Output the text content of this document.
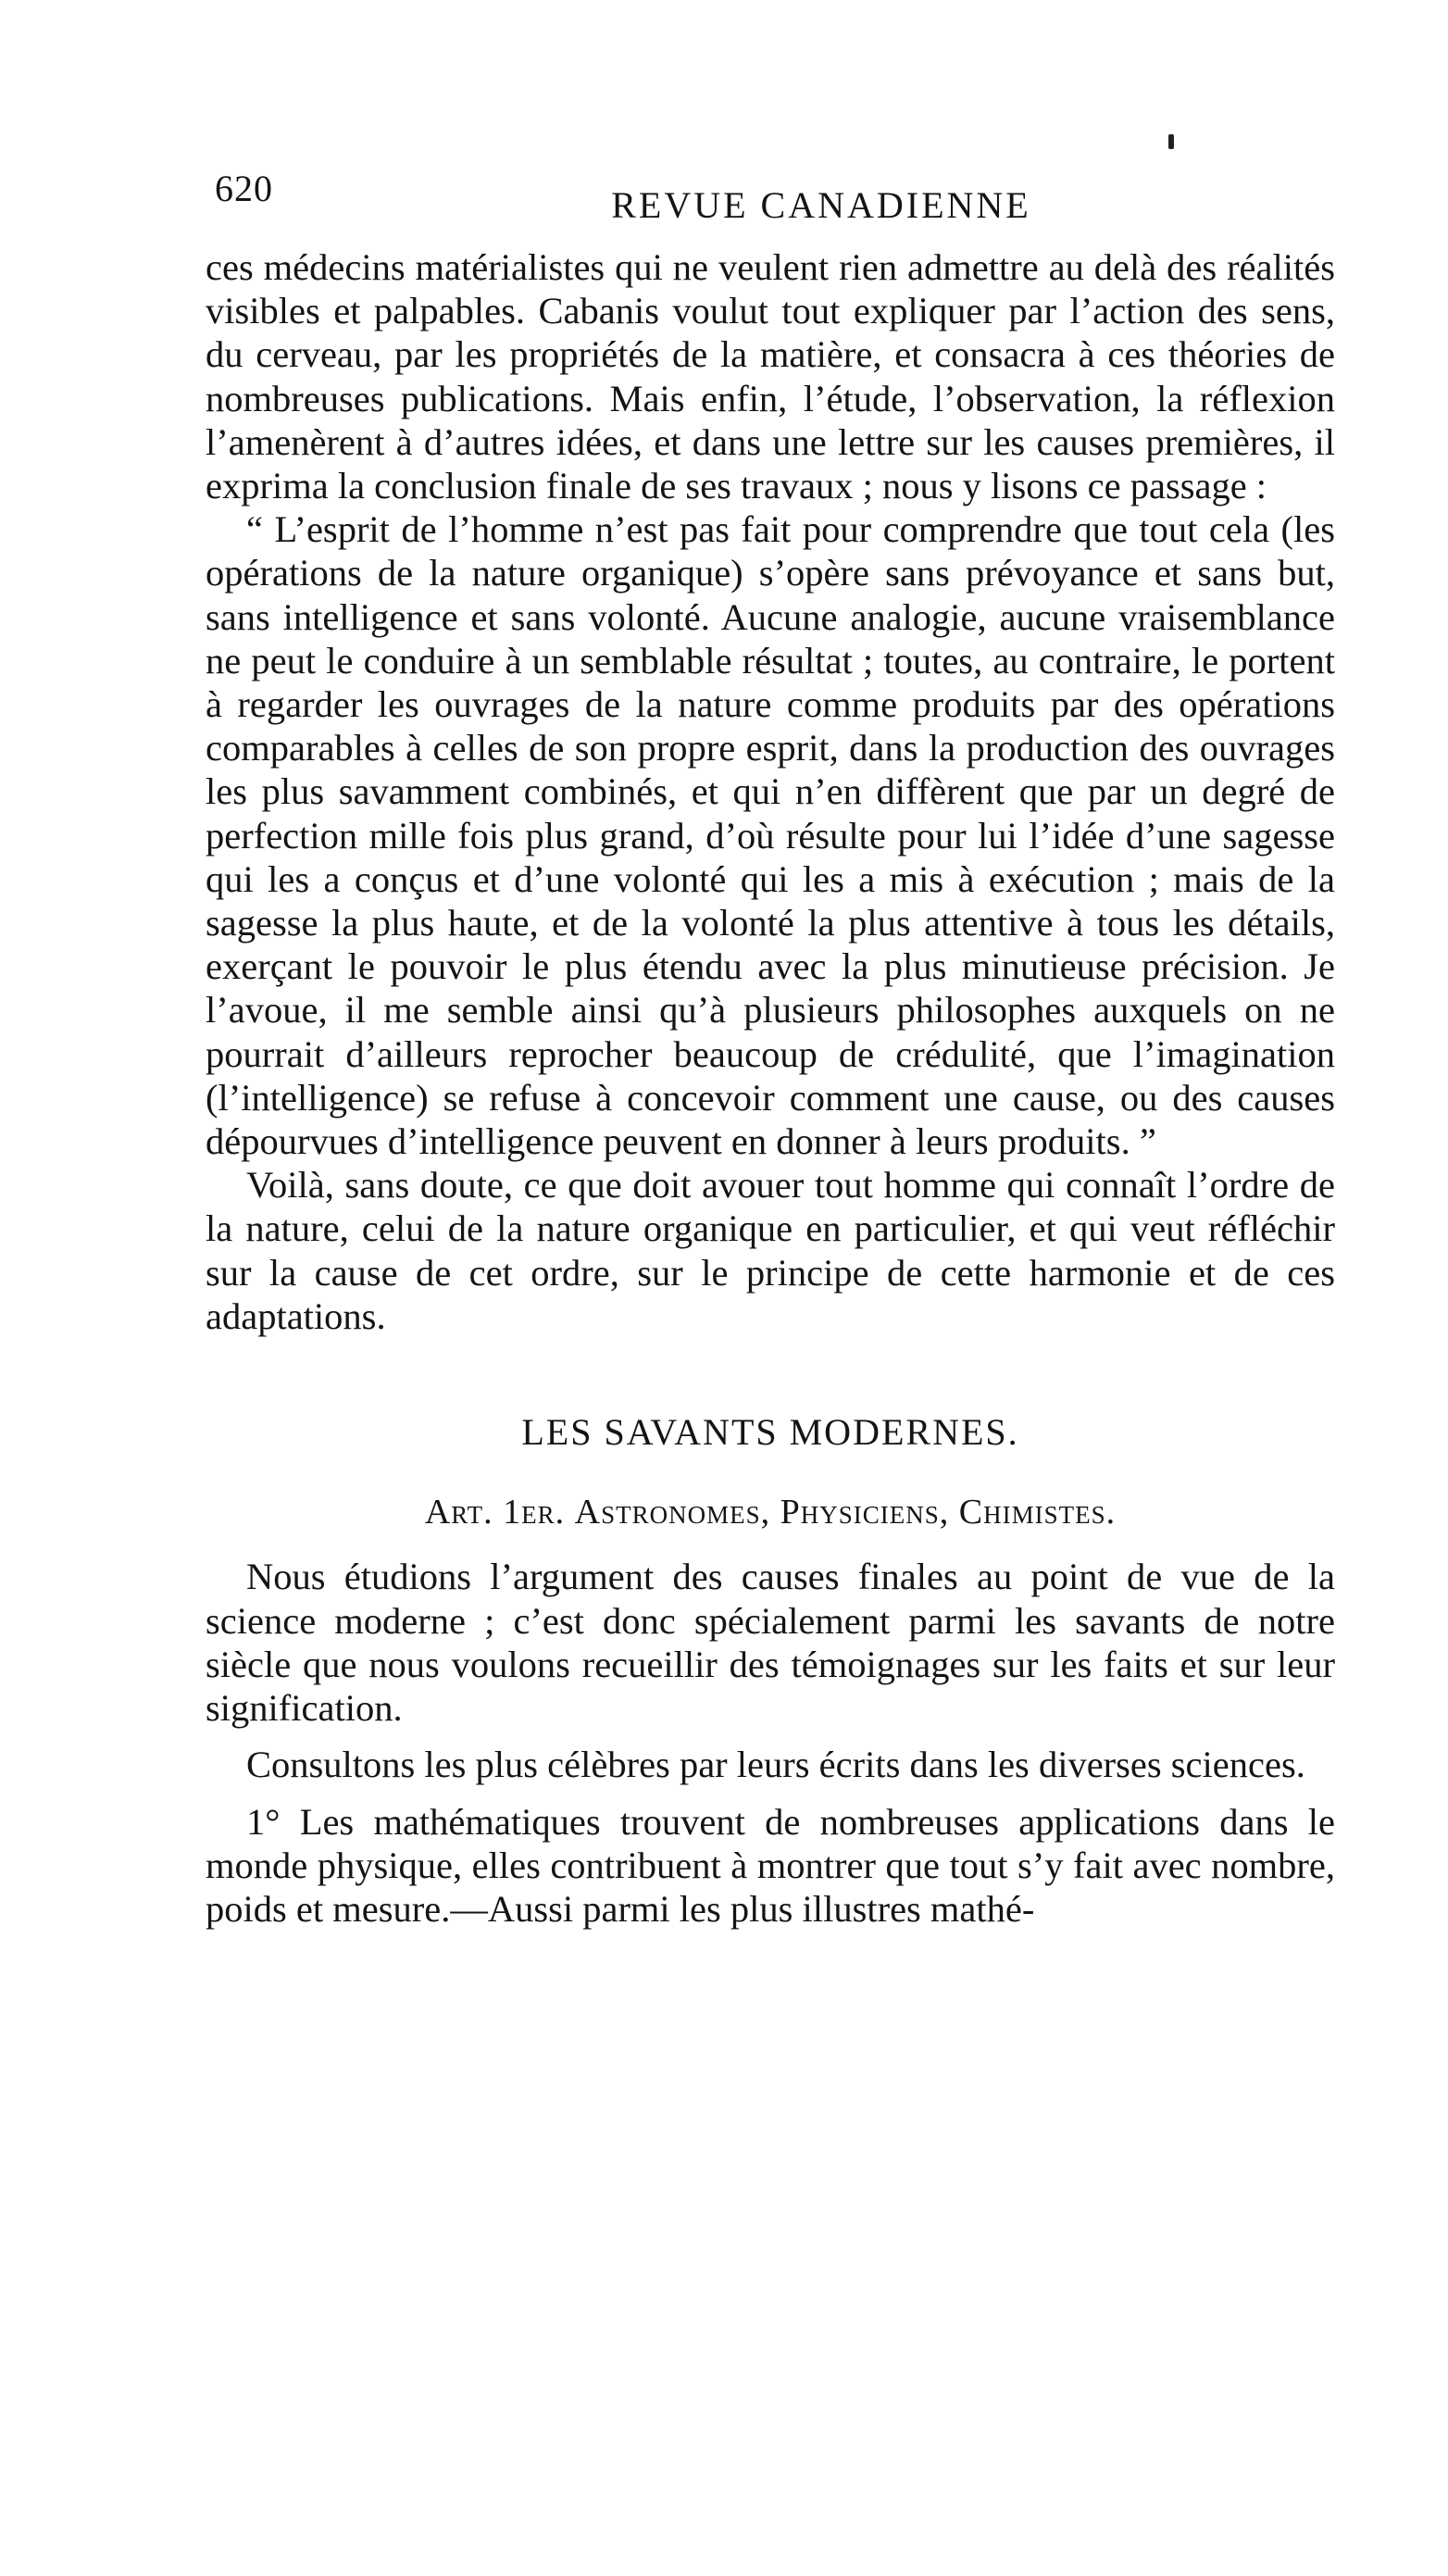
620	REVUE CANADIENNE

ces médecins matérialistes qui ne veulent rien admettre au delà des réalités visibles et palpables. Cabanis voulut tout expliquer par l’action des sens, du cerveau, par les propriétés de la matière, et consacra à ces théories de nombreuses publications. Mais enfin, l’étude, l’observation, la réflexion l’amenèrent à d’autres idées, et dans une lettre sur les causes premières, il exprima la conclusion finale de ses travaux ; nous y lisons ce passage :

“ L’esprit de l’homme n’est pas fait pour comprendre que tout cela (les opérations de la nature organique) s’opère sans prévoyance et sans but, sans intelligence et sans volonté. Aucune analogie, aucune vraisemblance ne peut le conduire à un semblable résultat ; toutes, au contraire, le portent à regarder les ouvrages de la nature comme produits par des opérations comparables à celles de son propre esprit, dans la production des ouvrages les plus savamment combinés, et qui n’en diffèrent que par un degré de perfection mille fois plus grand, d’où résulte pour lui l’idée d’une sagesse qui les a conçus et d’une volonté qui les a mis à exécution ; mais de la sagesse la plus haute, et de la volonté la plus attentive à tous les détails, exerçant le pouvoir le plus étendu avec la plus minutieuse précision. Je l’avoue, il me semble ainsi qu’à plusieurs philosophes auxquels on ne pourrait d’ailleurs reprocher beaucoup de crédulité, que l’imagination (l’intelligence) se refuse à concevoir comment une cause, ou des causes dépourvues d’intelligence peuvent en donner à leurs produits. ”

Voilà, sans doute, ce que doit avouer tout homme qui connaît l’ordre de la nature, celui de la nature organique en particulier, et qui veut réfléchir sur la cause de cet ordre, sur le principe de cette harmonie et de ces adaptations.

LES SAVANTS MODERNES.

Art. 1er. Astronomes, Physiciens, Chimistes.

Nous étudions l’argument des causes finales au point de vue de la science moderne ; c’est donc spécialement parmi les savants de notre siècle que nous voulons recueillir des témoignages sur les faits et sur leur signification.

Consultons les plus célèbres par leurs écrits dans les diverses sciences.

1° Les mathématiques trouvent de nombreuses applications dans le monde physique, elles contribuent à montrer que tout s’y fait avec nombre, poids et mesure.—Aussi parmi les plus illustres mathé-
